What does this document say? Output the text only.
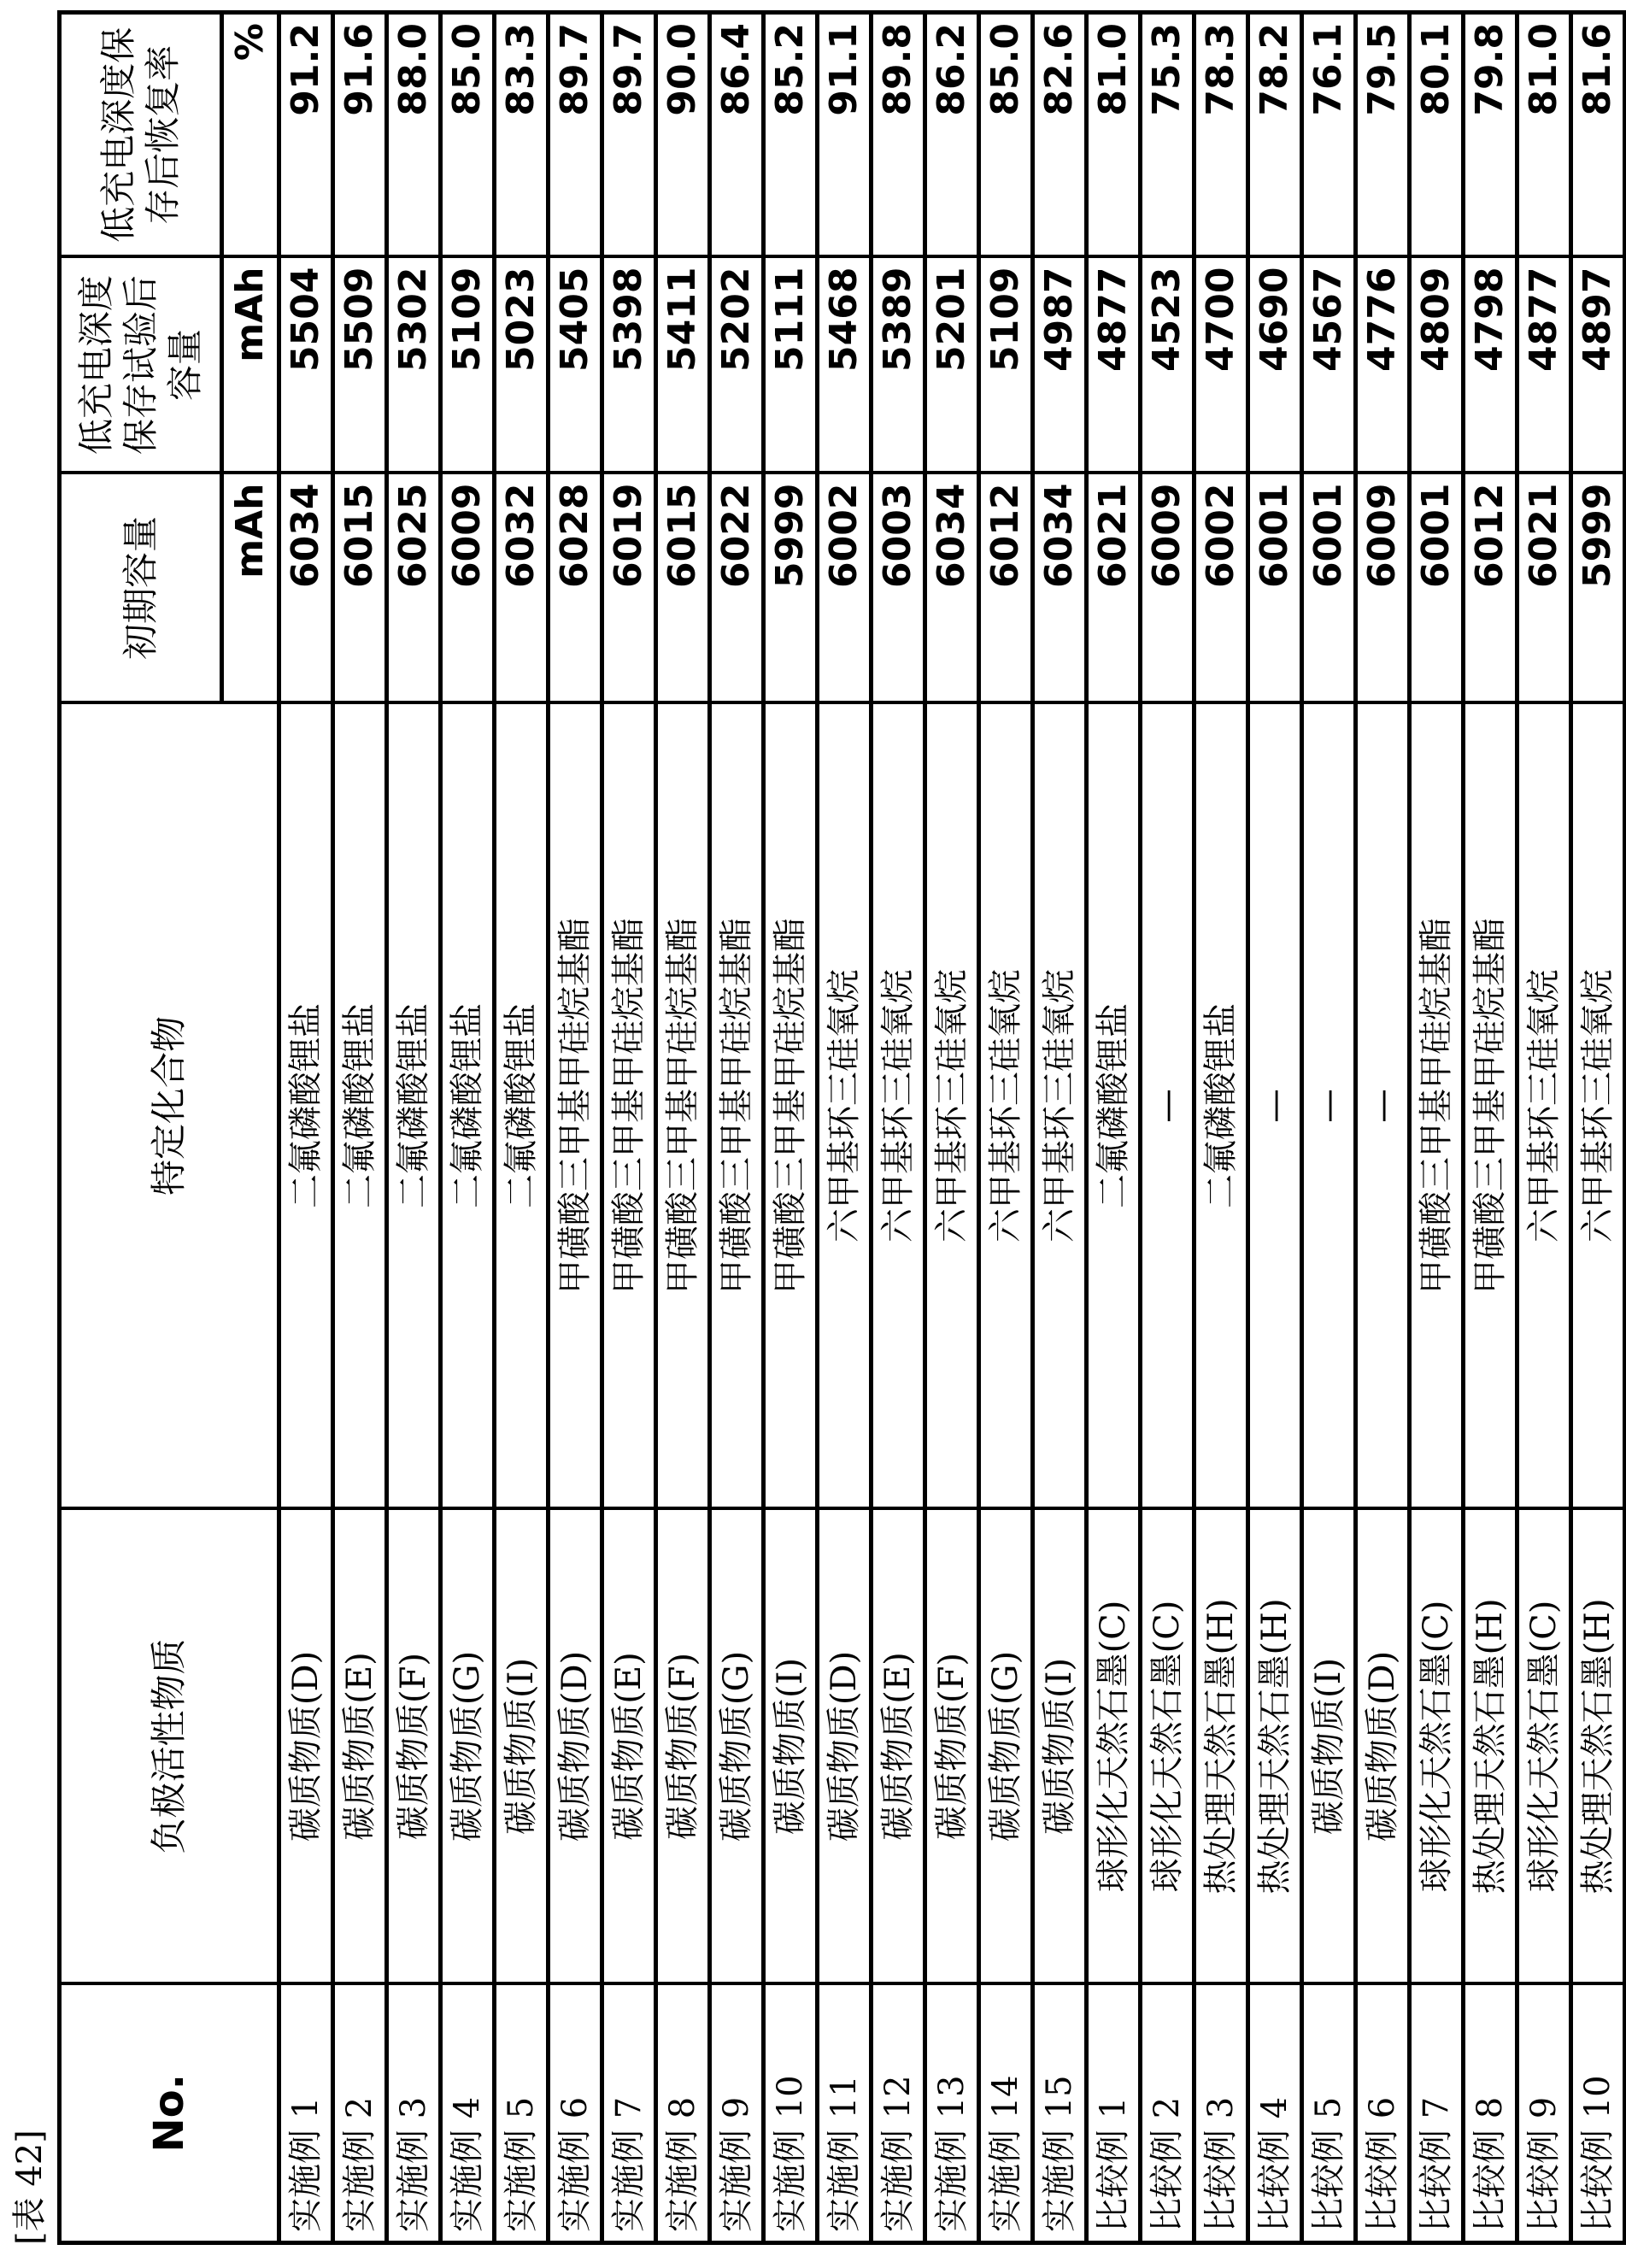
[表 42]
No.	负极活性物质	特定化合物	初期容量	低充电深度保存试验后容量	低充电深度保存后恢复率
mAh	mAh	%
实施例 1	碳质物质(D)	二氟磷酸锂盐	6034	5504	91.2
实施例 2	碳质物质(E)	二氟磷酸锂盐	6015	5509	91.6
实施例 3	碳质物质(F)	二氟磷酸锂盐	6025	5302	88.0
实施例 4	碳质物质(G)	二氟磷酸锂盐	6009	5109	85.0
实施例 5	碳质物质(I)	二氟磷酸锂盐	6032	5023	83.3
实施例 6	碳质物质(D)	甲磺酸三甲基甲硅烷基酯	6028	5405	89.7
实施例 7	碳质物质(E)	甲磺酸三甲基甲硅烷基酯	6019	5398	89.7
实施例 8	碳质物质(F)	甲磺酸三甲基甲硅烷基酯	6015	5411	90.0
实施例 9	碳质物质(G)	甲磺酸三甲基甲硅烷基酯	6022	5202	86.4
实施例 10	碳质物质(I)	甲磺酸三甲基甲硅烷基酯	5999	5111	85.2
实施例 11	碳质物质(D)	六甲基环三硅氧烷	6002	5468	91.1
实施例 12	碳质物质(E)	六甲基环三硅氧烷	6003	5389	89.8
实施例 13	碳质物质(F)	六甲基环三硅氧烷	6034	5201	86.2
实施例 14	碳质物质(G)	六甲基环三硅氧烷	6012	5109	85.0
实施例 15	碳质物质(I)	六甲基环三硅氧烷	6034	4987	82.6
比较例 1	球形化天然石墨(C)	二氟磷酸锂盐	6021	4877	81.0
比较例 2	球形化天然石墨(C)	—	6009	4523	75.3
比较例 3	热处理天然石墨(H)	二氟磷酸锂盐	6002	4700	78.3
比较例 4	热处理天然石墨(H)	—	6001	4690	78.2
比较例 5	碳质物质(I)	—	6001	4567	76.1
比较例 6	碳质物质(D)	—	6009	4776	79.5
比较例 7	球形化天然石墨(C)	甲磺酸三甲基甲硅烷基酯	6001	4809	80.1
比较例 8	热处理天然石墨(H)	甲磺酸三甲基甲硅烷基酯	6012	4798	79.8
比较例 9	球形化天然石墨(C)	六甲基环三硅氧烷	6021	4877	81.0
比较例 10	热处理天然石墨(H)	六甲基环三硅氧烷	5999	4897	81.6
